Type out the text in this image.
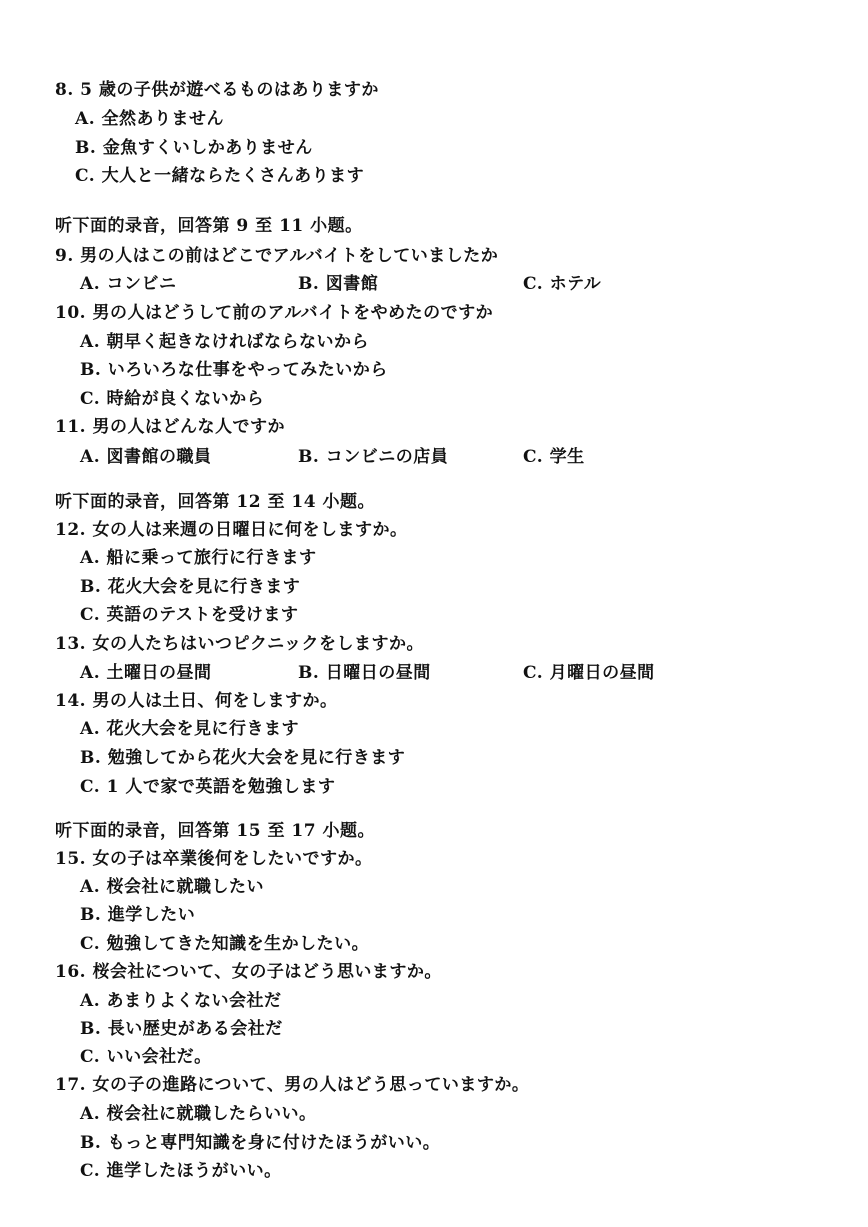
8. 5 歳の子供が遊べるものはありますか
A. 全然ありません
B. 金魚すくいしかありません
C. 大人と一緒ならたくさんあります
听下面的录音，回答第 9 至 11 小题。
9. 男の人はこの前はどこでアルバイトをしていましたか
A. コンビニ	B. 図書館	C. ホテル
10. 男の人はどうして前のアルバイトをやめたのですか
A. 朝早く起きなければならないから
B. いろいろな仕事をやってみたいから
C. 時給が良くないから
11. 男の人はどんな人ですか
A. 図書館の職員	B. コンビニの店員	C. 学生
听下面的录音，回答第 12 至 14 小题。
12. 女の人は来週の日曜日に何をしますか。
A. 船に乗って旅行に行きます
B. 花火大会を見に行きます
C. 英語のテストを受けます
13. 女の人たちはいつピクニックをしますか。
A. 土曜日の昼間	B. 日曜日の昼間	C. 月曜日の昼間
14. 男の人は土日、何をしますか。
A. 花火大会を見に行きます
B. 勉強してから花火大会を見に行きます
C. 1 人で家で英語を勉強します
听下面的录音，回答第 15 至 17 小题。
15. 女の子は卒業後何をしたいですか。
A. 桜会社に就職したい
B. 進学したい
C. 勉強してきた知識を生かしたい。
16. 桜会社について、女の子はどう思いますか。
A. あまりよくない会社だ
B. 長い歴史がある会社だ
C. いい会社だ。
17. 女の子の進路について、男の人はどう思っていますか。
A. 桜会社に就職したらいい。
B. もっと専門知識を身に付けたほうがいい。
C. 進学したほうがいい。
